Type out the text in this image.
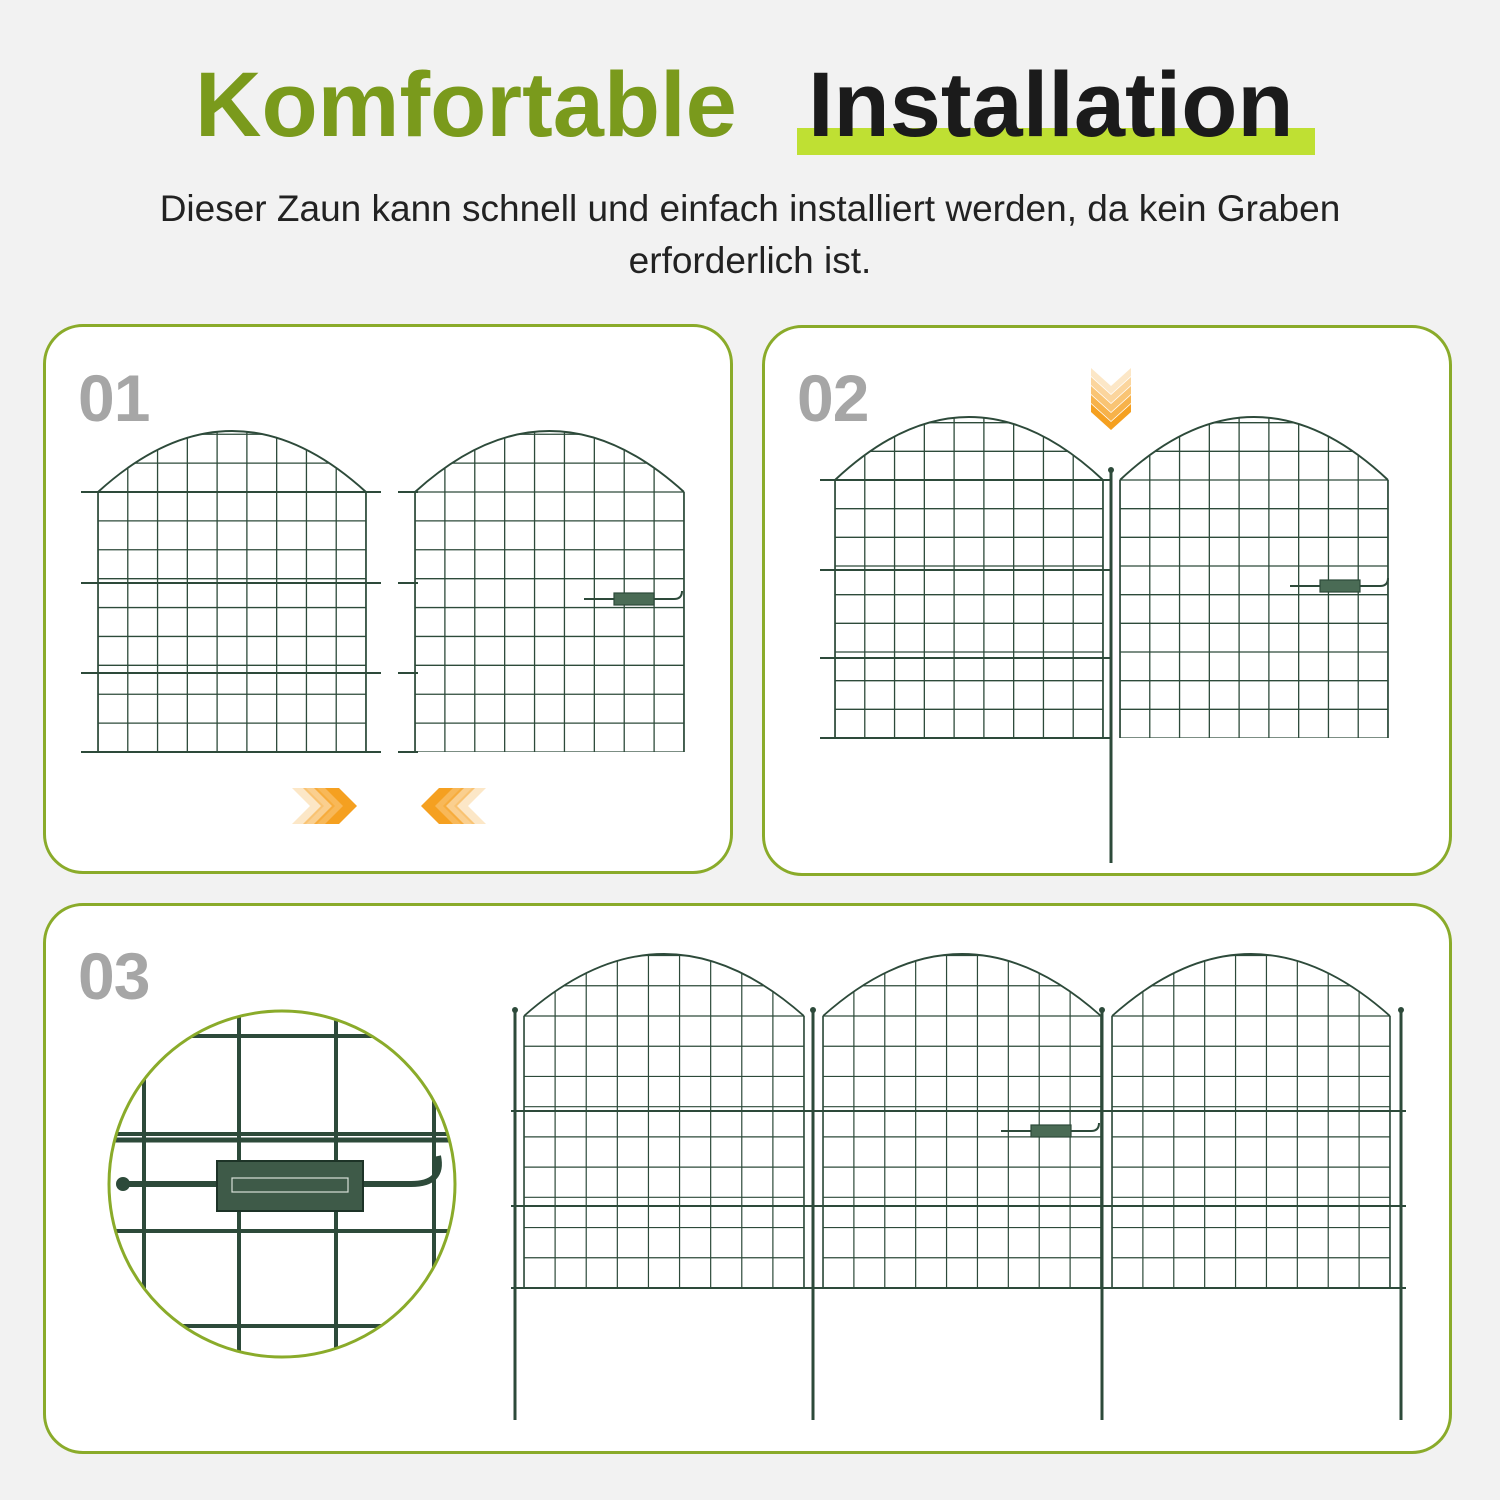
Komfortable Installation
Dieser Zaun kann schnell und einfach installiert werden, da kein Graben erforderlich ist.
01	02
03
